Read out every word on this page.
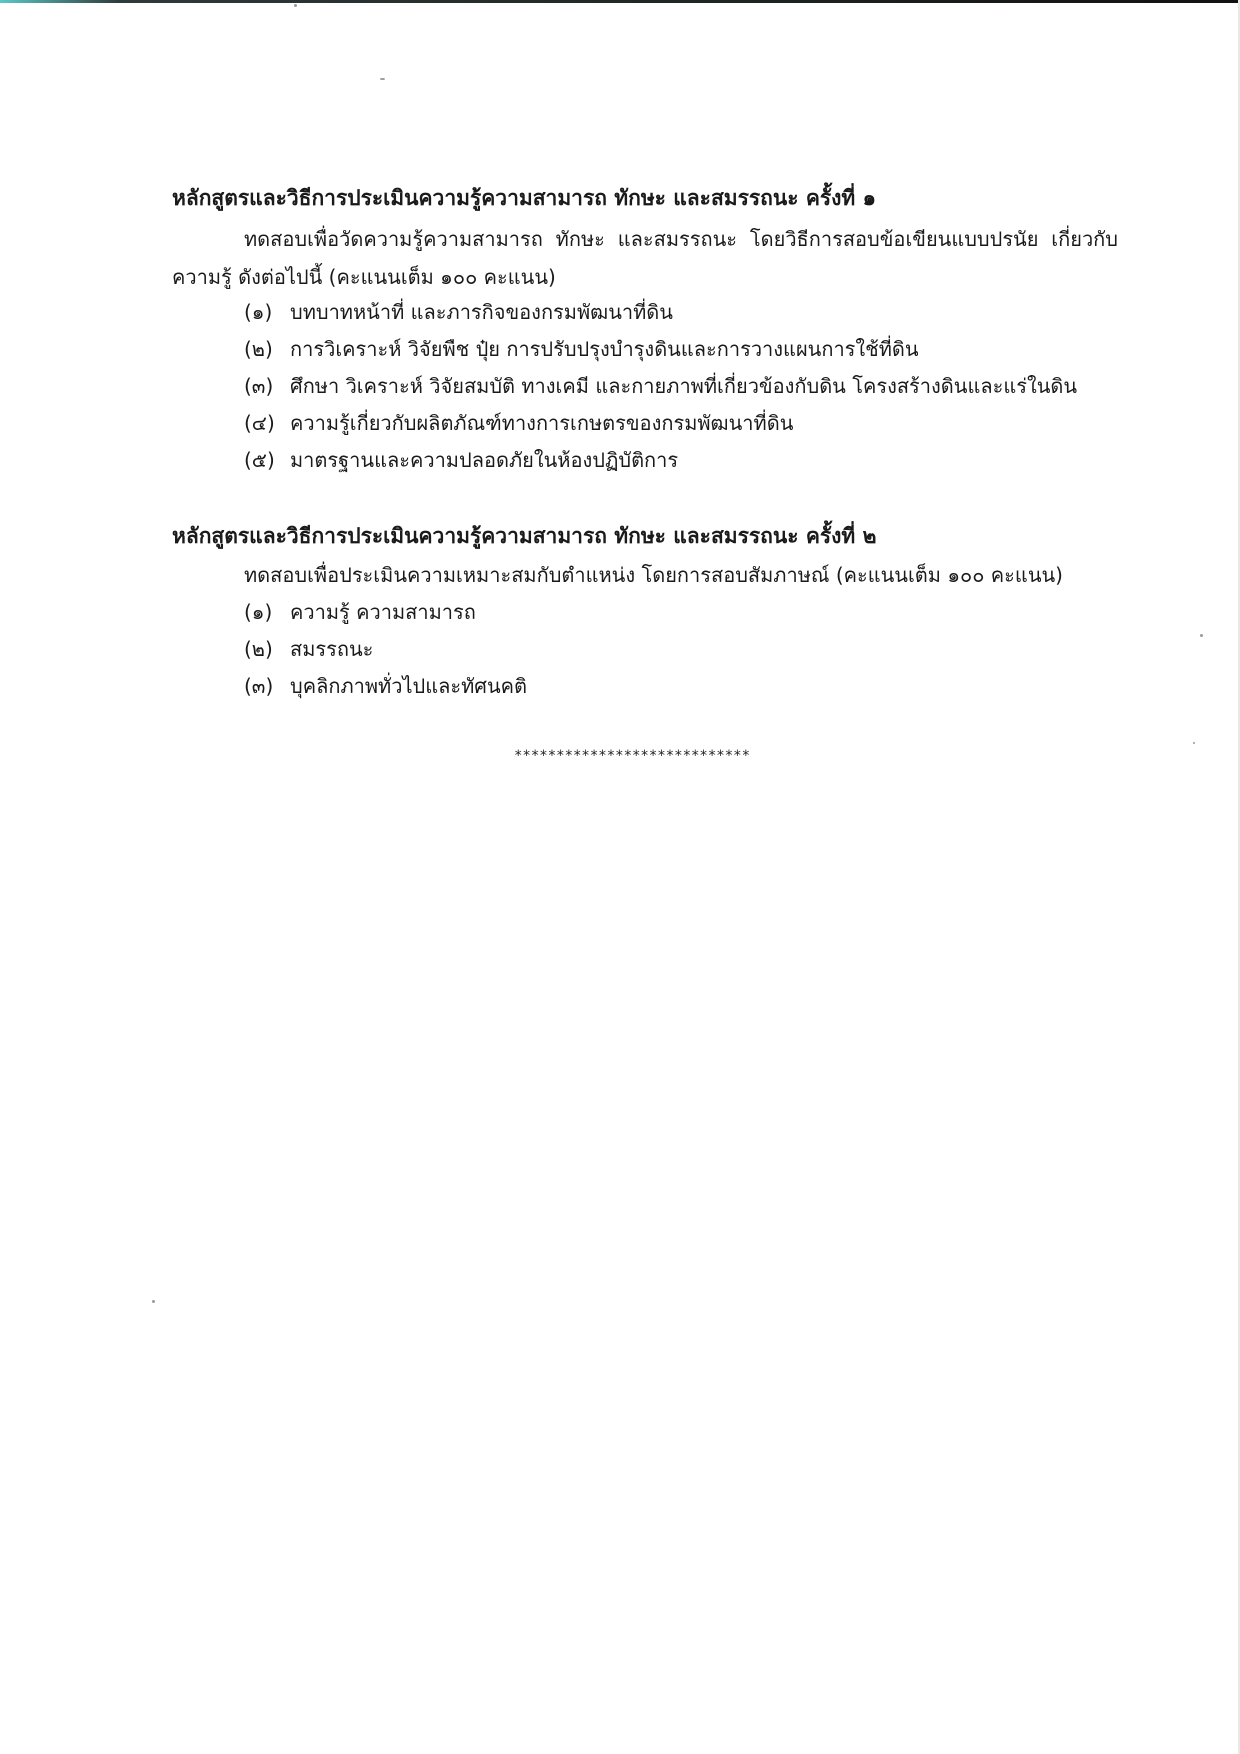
หลักสูตรและวิธีการประเมินความรู้ความสามารถ ทักษะ และสมรรถนะ ครั้งที่ ๑
ทดสอบเพื่อวัดความรู้ความสามารถ ทักษะ และสมรรถนะ โดยวิธีการสอบข้อเขียนแบบปรนัย เกี่ยวกับความรู้ ดังต่อไปนี้ (คะแนนเต็ม ๑๐๐ คะแนน)
(๑) บทบาทหน้าที่ และภารกิจของกรมพัฒนาที่ดิน
(๒) การวิเคราะห์ วิจัยพืช ปุ๋ย การปรับปรุงบำรุงดินและการวางแผนการใช้ที่ดิน
(๓) ศึกษา วิเคราะห์ วิจัยสมบัติ ทางเคมี และกายภาพที่เกี่ยวข้องกับดิน โครงสร้างดินและแร่ในดิน
(๔) ความรู้เกี่ยวกับผลิตภัณฑ์ทางการเกษตรของกรมพัฒนาที่ดิน
(๕) มาตรฐานและความปลอดภัยในห้องปฏิบัติการ
หลักสูตรและวิธีการประเมินความรู้ความสามารถ ทักษะ และสมรรถนะ ครั้งที่ ๒
ทดสอบเพื่อประเมินความเหมาะสมกับตำแหน่ง โดยการสอบสัมภาษณ์ (คะแนนเต็ม ๑๐๐ คะแนน)
(๑) ความรู้ ความสามารถ
(๒) สมรรถนะ
(๓) บุคลิกภาพทั่วไปและทัศนคติ
****************************
